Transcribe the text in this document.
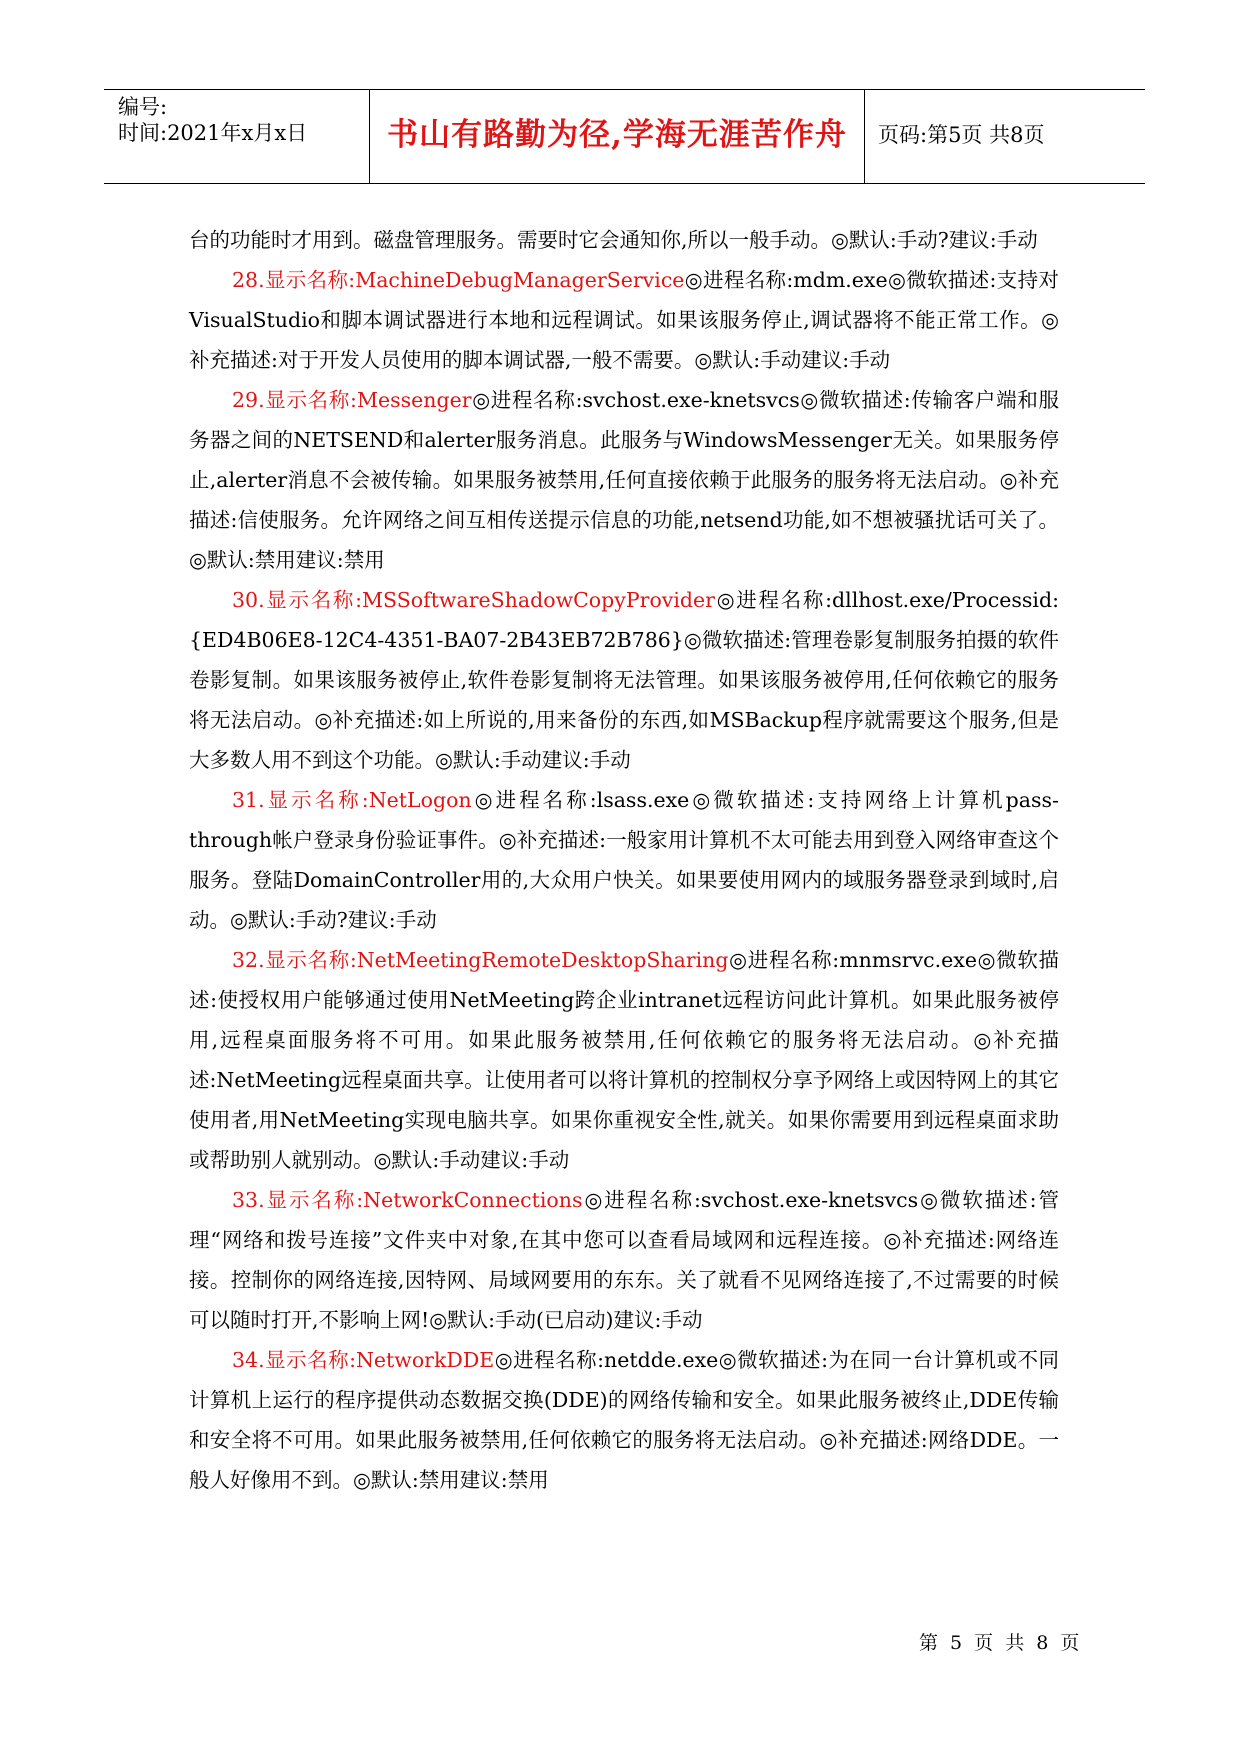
编号:
时间:2021年x月x日	书山有路勤为径,学海无涯苦作舟	页码:第5页 共8页

台的功能时才用到。磁盘管理服务。需要时它会通知你,所以一般手动。◎默认:手动?建议:手动

28.显示名称:MachineDebugManagerService◎进程名称:mdm.exe◎微软描述:支持对VisualStudio和脚本调试器进行本地和远程调试。如果该服务停止,调试器将不能正常工作。◎补充描述:对于开发人员使用的脚本调试器,一般不需要。◎默认:手动建议:手动

29.显示名称:Messenger◎进程名称:svchost.exe-knetsvcs◎微软描述:传输客户端和服务器之间的NETSEND和alerter服务消息。此服务与WindowsMessenger无关。如果服务停止,alerter消息不会被传输。如果服务被禁用,任何直接依赖于此服务的服务将无法启动。◎补充描述:信使服务。允许网络之间互相传送提示信息的功能,netsend功能,如不想被骚扰话可关了。◎默认:禁用建议:禁用

30.显示名称:MSSoftwareShadowCopyProvider◎进程名称:dllhost.exe/Processid:{ED4B06E8-12C4-4351-BA07-2B43EB72B786}◎微软描述:管理卷影复制服务拍摄的软件卷影复制。如果该服务被停止,软件卷影复制将无法管理。如果该服务被停用,任何依赖它的服务将无法启动。◎补充描述:如上所说的,用来备份的东西,如MSBackup程序就需要这个服务,但是大多数人用不到这个功能。◎默认:手动建议:手动

31.显示名称:NetLogon◎进程名称:lsass.exe◎微软描述:支持网络上计算机pass-through帐户登录身份验证事件。◎补充描述:一般家用计算机不太可能去用到登入网络审查这个服务。登陆DomainController用的,大众用户快关。如果要使用网内的域服务器登录到域时,启动。◎默认:手动?建议:手动

32.显示名称:NetMeetingRemoteDesktopSharing◎进程名称:mnmsrvc.exe◎微软描述:使授权用户能够通过使用NetMeeting跨企业intranet远程访问此计算机。如果此服务被停用,远程桌面服务将不可用。如果此服务被禁用,任何依赖它的服务将无法启动。◎补充描述:NetMeeting远程桌面共享。让使用者可以将计算机的控制权分享予网络上或因特网上的其它使用者,用NetMeeting实现电脑共享。如果你重视安全性,就关。如果你需要用到远程桌面求助或帮助别人就别动。◎默认:手动建议:手动

33.显示名称:NetworkConnections◎进程名称:svchost.exe-knetsvcs◎微软描述:管理“网络和拨号连接”文件夹中对象,在其中您可以查看局域网和远程连接。◎补充描述:网络连接。控制你的网络连接,因特网、局域网要用的东东。关了就看不见网络连接了,不过需要的时候可以随时打开,不影响上网!◎默认:手动(已启动)建议:手动

34.显示名称:NetworkDDE◎进程名称:netdde.exe◎微软描述:为在同一台计算机或不同计算机上运行的程序提供动态数据交换(DDE)的网络传输和安全。如果此服务被终止,DDE传输和安全将不可用。如果此服务被禁用,任何依赖它的服务将无法启动。◎补充描述:网络DDE。一般人好像用不到。◎默认:禁用建议:禁用

第 5 页 共 8 页
